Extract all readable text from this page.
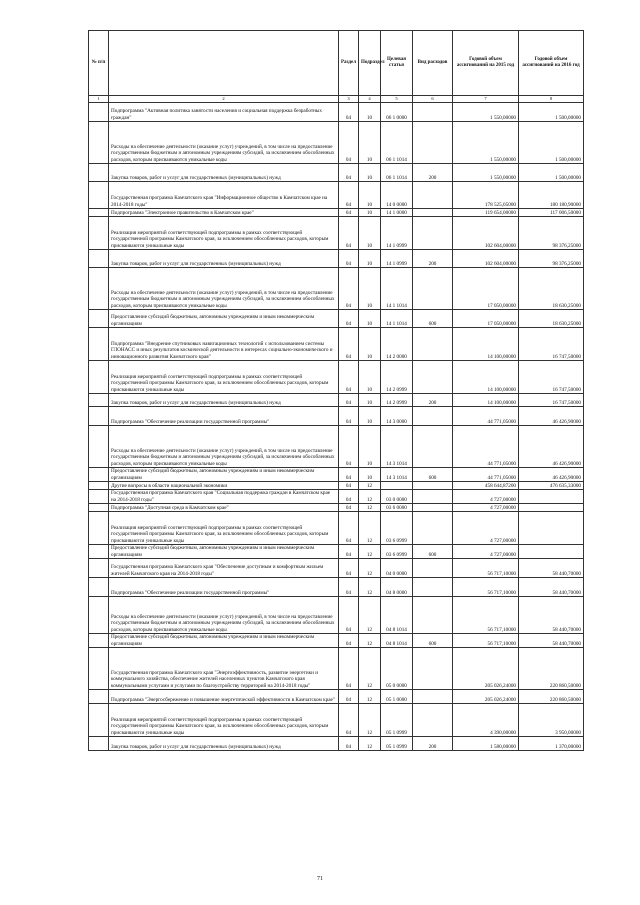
№ п/п		Раздел	Подраздел	Целевая статья	Вид расходов	Годовой объем ассигнований на 2015 год	Годовой объем ассигнований на 2016 год
1	2	3	4	5	6	7	8
	Подпрограмма "Активная политика занятости населения и социальная поддержка безработных граждан"	04	10	06 1 0000		1 550,00000	1 500,00000
	Расходы на обеспечение деятельности (оказание услуг) учреждений, в том числе на предоставление государственным бюджетным и автономным учреждениям субсидий, за исключением обособленных расходов, которым присваиваются уникальные коды	04	10	06 1 1014		1 550,00000	1 500,00000
	Закупка товаров, работ и услуг для государственных (муниципальных) нужд	04	10	06 1 1014	200	1 550,00000	1 500,00000
	Государственная программа Камчатского края "Информационное общество в Камчатском крае на 2014-2018 годы"	04	10	14 0 0000		178 525,05000	180 180,90000
	Подпрограмма "Электронное правительство в Камчатском крае"	04	10	14 1 0000		119 654,00000	117 006,50000
	Реализация мероприятий соответствующей подпрограммы в рамках соответствующей государственной программы Камчатского края, за исключением обособленных расходов, которым присваиваются уникальные коды	04	10	14 1 0999		102 604,00000	98 376,25000
	Закупка товаров, работ и услуг для государственных (муниципальных) нужд	04	10	14 1 0999	200	102 604,00000	98 376,25000
	Расходы на обеспечение деятельности (оказание услуг) учреждений, в том числе на предоставление государственным бюджетным и автономным учреждениям субсидий, за исключением обособленных расходов, которым присваиваются уникальные коды	04	10	14 1 1014		17 050,00000	18 630,25000
	Предоставление субсидий бюджетным, автономным учреждениям и иным некоммерческим организациям	04	10	14 1 1014	600	17 050,00000	18 630,25000
	Подпрограмма "Внедрение спутниковых навигационных технологий с использованием системы ГЛОНАСС и иных результатов космической деятельности в интересах социально-экономического и инновационного развития Камчатского края"	04	10	14 2 0000		14 100,00000	16 747,50000
	Реализация мероприятий соответствующей подпрограммы в рамках соответствующей государственной программы Камчатского края, за исключением обособленных расходов, которым присваиваются уникальные коды	04	10	14 2 0999		14 100,00000	16 747,50000
	Закупка товаров, работ и услуг для государственных (муниципальных) нужд	04	10	14 2 0999	200	14 100,00000	16 747,50000
	Подпрограмма "Обеспечение реализации государственной программы"	04	10	14 3 0000		44 771,05000	46 426,90000
	Расходы на обеспечение деятельности (оказание услуг) учреждений, в том числе на предоставление государственным бюджетным и автономным учреждениям субсидий, за исключением обособленных расходов, которым присваиваются уникальные коды	04	10	14 3 1014		44 771,05000	46 426,90000
	Предоставление субсидий бюджетным, автономным учреждениям и иным некоммерческим организациям	04	10	14 3 1014	600	44 771,05000	46 426,90000
	Другие вопросы в области национальной экономики	04	12			458 644,87200	476 635,33000
	Государственная программа Камчатского края "Социальная поддержка граждан в Камчатском крае на 2014-2018 годы"	04	12	03 0 0000		4 727,00000	
	Подпрограмма "Доступная среда в Камчатском крае"	04	12	03 6 0000		4 727,00000	
	Реализация мероприятий соответствующей подпрограммы в рамках соответствующей государственной программы Камчатского края, за исключением обособленных расходов, которым присваиваются уникальные коды	04	12	03 6 0999		4 727,00000	
	Предоставление субсидий бюджетным, автономным учреждениям и иным некоммерческим организациям	04	12	03 6 0999	600	4 727,00000	
	Государственная программа Камчатского края "Обеспечение доступным и комфортным жильем жителей Камчатского края на 2014-2018 годы"	04	12	04 0 0000		56 717,10000	58 440,70000
	Подпрограмма "Обеспечение реализации государственной программы"	04	12	04 8 0000		56 717,10000	58 440,70000
	Расходы на обеспечение деятельности (оказание услуг) учреждений, в том числе на предоставление государственным бюджетным и автономным учреждениям субсидий, за исключением обособленных расходов, которым присваиваются уникальные коды	04	12	04 8 1014		56 717,10000	58 440,70000
	Предоставление субсидий бюджетным, автономным учреждениям и иным некоммерческим организациям	04	12	04 8 1014	600	56 717,10000	58 440,70000
	Государственная программа Камчатского края "Энергоэффективность, развитие энергетики и коммунального хозяйства, обеспечение жителей населенных пунктов Камчатского края коммунальными услугами и услугами по благоустройству территорий на 2014-2018 годы"	04	12	05 0 0000		205 026,24000	220 860,50000
	Подпрограмма "Энергосбережение и повышение энергетической эффективности в Камчатском крае"	04	12	05 1 0000		205 026,24000	220 860,50000
	Реализация мероприятий соответствующей подпрограммы в рамках соответствующей государственной программы Камчатского края, за исключением обособленных расходов, которым присваиваются уникальные коды	04	12	05 1 0999		4 390,00000	3 950,00000
	Закупка товаров, работ и услуг для государственных (муниципальных) нужд	04	12	05 1 0999	200	1 580,00000	1 370,00000
71
